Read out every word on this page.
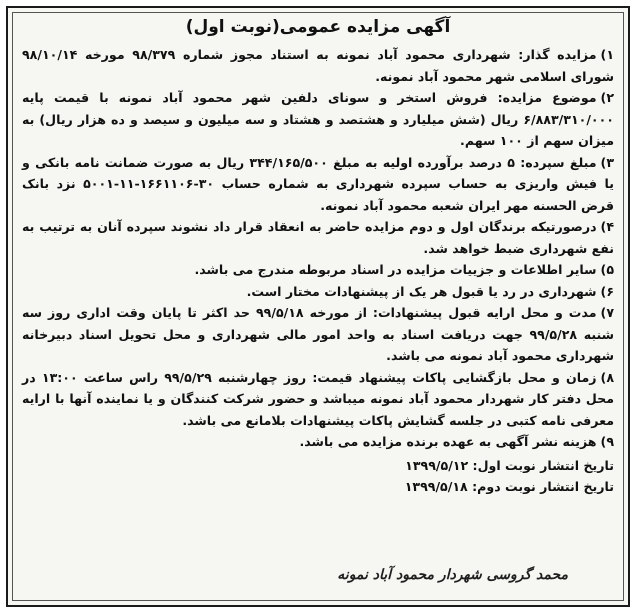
آگهی مزایده عمومی(نوبت اول)

۱)مزایده گذار: شهرداری محمود آباد نمونه به استناد مجوز شماره ۹۸/۳۷۹ مورخه ۹۸/۱۰/۱۴ شورای اسلامی شهر محمود آباد نمونه.

۲)موضوع مزایده: فروش استخر و سونای دلفین شهر محمود آباد نمونه با قیمت پایه ۶/۸۸۳/۳۱۰/۰۰۰ ریال (شش میلیارد و هشتصد و هشتاد و سه میلیون و سیصد و ده هزار ریال) به میزان سهم از ۱۰۰ سهم.

۳)مبلغ سپرده: ۵ درصد برآورده اولیه به مبلغ ۳۴۴/۱۶۵/۵۰۰ ریال به صورت ضمانت نامه بانکی و یا فیش واریزی به حساب سپرده شهرداری به شماره حساب ۳۰-۱۶۶۱۱۰۶-۱۱-۵۰۰۱ نزد بانک قرض الحسنه مهر ایران شعبه محمود آباد نمونه.

۴)درصورتیکه برندگان اول و دوم مزایده حاضر به انعقاد قرار داد نشوند سپرده آنان به ترتیب به نفع شهرداری ضبط خواهد شد.

۵)سایر اطلاعات و جزییات مزایده در اسناد مربوطه مندرج می باشد.

۶)شهرداری در رد یا قبول هر یک از پیشنهادات مختار است.

۷)مدت و محل ارایه قبول پیشنهادات: از مورخه ۹۹/۵/۱۸ حد اکثر تا پایان وقت اداری روز سه شنبه ۹۹/۵/۲۸ جهت دریافت اسناد به واحد امور مالی شهرداری و محل تحویل اسناد دبیرخانه شهرداری محمود آباد نمونه می باشد.

۸)زمان و محل بازگشایی پاکات پیشنهاد قیمت: روز چهارشنبه ۹۹/۵/۲۹ راس ساعت ۱۳:۰۰ در محل دفتر کار شهردار محمود آباد نمونه میباشد و حضور شرکت کنندگان و یا نماینده آنها با ارایه معرفی نامه کتبی در جلسه گشایش پاکات پیشنهادات بلامانع می باشد.

۹)هزینه نشر آگهی به عهده برنده مزایده می باشد.

تاریخ انتشار نوبت اول: ۱۳۹۹/۵/۱۲

تاریخ انتشار نوبت دوم: ۱۳۹۹/۵/۱۸

محمد گروسی شهردار محمود آباد نمونه
